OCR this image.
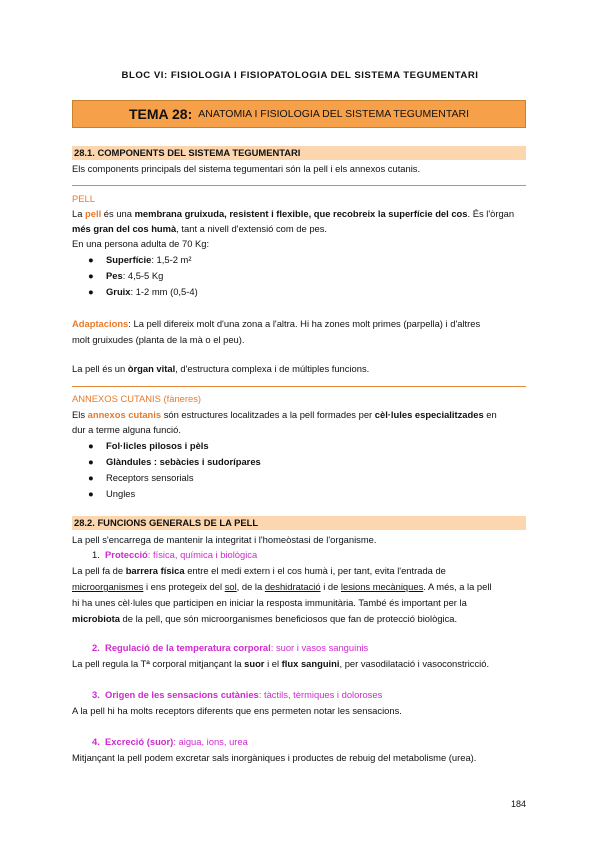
BLOC VI: FISIOLOGIA I FISIOPATOLOGIA DEL SISTEMA TEGUMENTARI
TEMA 28: ANATOMIA I FISIOLOGIA DEL SISTEMA TEGUMENTARI
28.1. COMPONENTS DEL SISTEMA TEGUMENTARI
Els components principals del sistema tegumentari són la pell i els annexos cutanis.
PELL
La pell és una membrana gruixuda, resistent i flexible, que recobreix la superfície del cos. És l'òrgan
més gran del cos humà, tant a nivell d'extensió com de pes.
En una persona adulta de 70 Kg:
● Superfície: 1,5-2 m²
● Pes: 4,5-5 Kg
● Gruix: 1-2 mm (0,5-4)
Adaptacions: La pell difereix molt d'una zona a l'altra. Hi ha zones molt primes (parpella) i d'altres
molt gruixudes (planta de la mà o el peu).
La pell és un òrgan vital, d'estructura complexa i de múltiples funcions.
ANNEXOS CUTANIS (fàneres)
Els annexos cutanis són estructures localitzades a la pell formades per cèl·lules especialitzades en
dur a terme alguna funció.
● Fol·licles pilosos i pèls
● Glàndules : sebàcies i sudorípares
● Receptors sensorials
● Ungles
28.2. FUNCIONS GENERALS DE LA PELL
La pell s'encarrega de mantenir la integritat i l'homeòstasi de l'organisme.
1. Protecció: física, química i biològica
La pell fa de barrera física entre el medi extern i el cos humà i, per tant, evita l'entrada de
microorganismes i ens protegeix del sol, de la deshidratació i de lesions mecàniques. A més, a la pell
hi ha unes cèl·lules que participen en iniciar la resposta immunitària. També és important per la
microbiota de la pell, que són microorganismes beneficiosos que fan de protecció biològica.
2. Regulació de la temperatura corporal: suor i vasos sanguinis
La pell regula la Tª corporal mitjançant la suor i el flux sanguini, per vasodilatació i vasoconstricció.
3. Origen de les sensacions cutànies: tàctils, tèrmiques i doloroses
A la pell hi ha molts receptors diferents que ens permeten notar les sensacions.
4. Excreció (suor): aigua, ions, urea
Mitjançant la pell podem excretar sals inorgàniques i productes de rebuig del metabolisme (urea).
184
